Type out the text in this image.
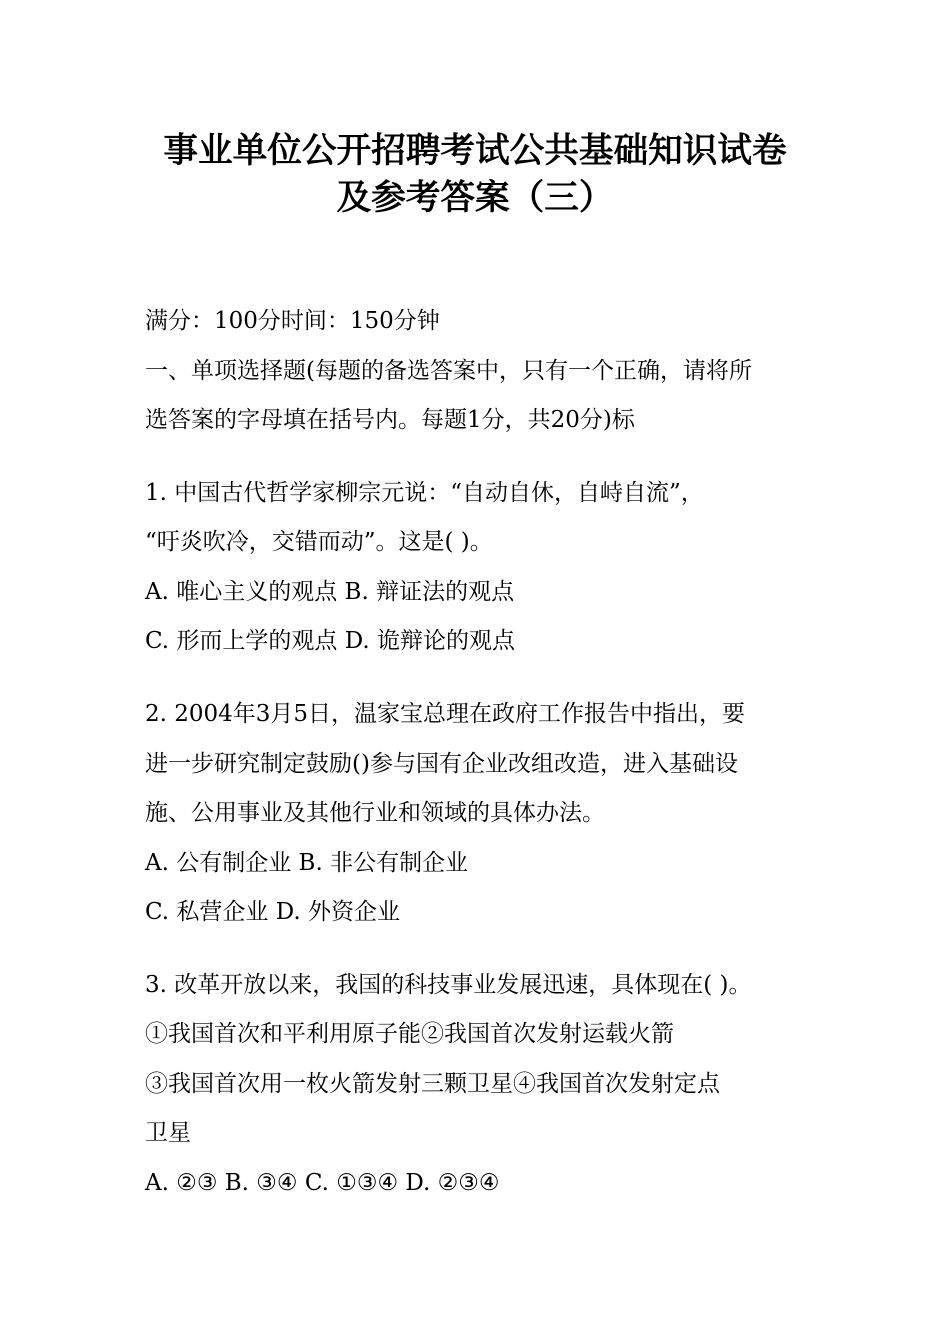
事业单位公开招聘考试公共基础知识试卷
及参考答案（三）
满分：100分时间：150分钟
一、单项选择题(每题的备选答案中，只有一个正确，请将所
选答案的字母填在括号内。每题1分，共20分)标
1. 中国古代哲学家柳宗元说：“自动自休，自峙自流”，
“吁炎吹冷，交错而动”。这是( )。
A. 唯心主义的观点 B. 辩证法的观点
C. 形而上学的观点 D. 诡辩论的观点
2. 2004年3月5日，温家宝总理在政府工作报告中指出，要
进一步研究制定鼓励()参与国有企业改组改造，进入基础设
施、公用事业及其他行业和领域的具体办法。
A. 公有制企业 B. 非公有制企业
C. 私营企业 D. 外资企业
3. 改革开放以来，我国的科技事业发展迅速，具体现在( )。
①我国首次和平利用原子能②我国首次发射运载火箭
③我国首次用一枚火箭发射三颗卫星④我国首次发射定点
卫星
A. ②③ B. ③④ C. ①③④ D. ②③④
